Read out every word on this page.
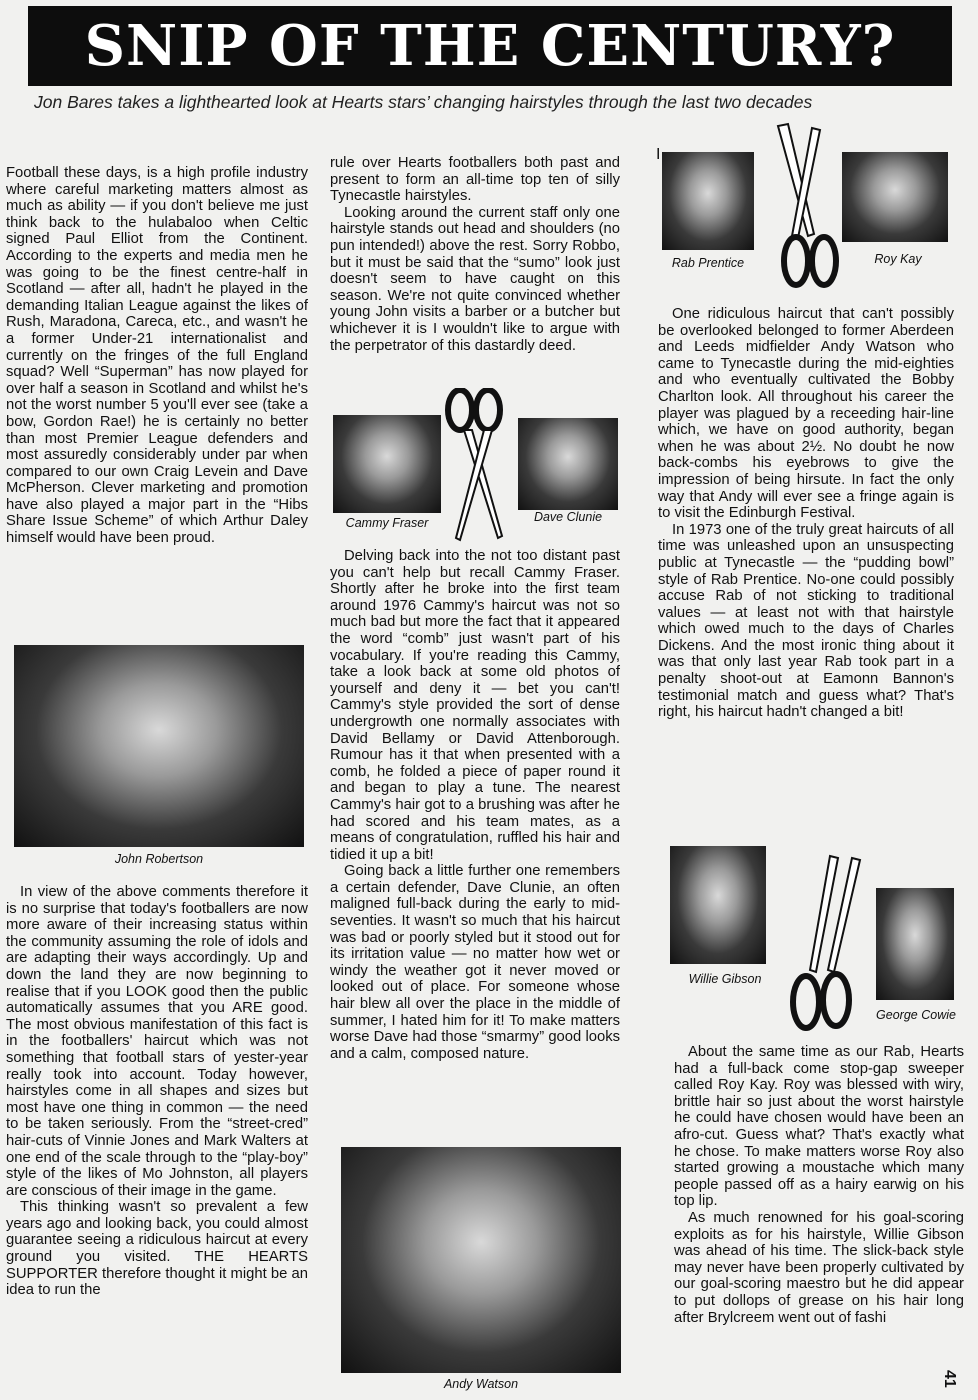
SNIP OF THE CENTURY?

Jon Bares takes a lighthearted look at Hearts stars’ changing hairstyles through the last two decades

Football these days, is a high profile industry where careful marketing matters almost as much as ability — if you don't believe me just think back to the hulabaloo when Celtic signed Paul Elliot from the Continent. According to the experts and media men he was going to be the finest centre-half in Scotland — after all, hadn't he played in the demanding Italian League against the likes of Rush, Maradona, Careca, etc., and wasn't he a former Under-21 internationalist and currently on the fringes of the full England squad? Well “Superman” has now played for over half a season in Scotland and whilst he's not the worst number 5 you'll ever see (take a bow, Gordon Rae!) he is certainly no better than most Premier League defenders and most assuredly considerably under par when compared to our own Craig Levein and Dave McPherson. Clever marketing and promotion have also played a major part in the “Hibs Share Issue Scheme” of which Arthur Daley himself would have been proud.

John Robertson

In view of the above comments therefore it is no surprise that today's footballers are now more aware of their increasing status within the community assuming the role of idols and are adapting their ways accordingly. Up and down the land they are now beginning to realise that if you LOOK good then the public automatically assumes that you ARE good. The most obvious manifestation of this fact is in the footballers' haircut which was not something that football stars of yester-year really took into account. Today however, hairstyles come in all shapes and sizes but most have one thing in common — the need to be taken seriously. From the “street-cred” hair-cuts of Vinnie Jones and Mark Walters at one end of the scale through to the “play-boy” style of the likes of Mo Johnston, all players are conscious of their image in the game.

This thinking wasn't so prevalent a few years ago and looking back, you could almost guarantee seeing a ridiculous haircut at every ground you visited. THE HEARTS SUPPORTER therefore thought it might be an idea to run the

rule over Hearts footballers both past and present to form an all-time top ten of silly Tynecastle hairstyles.

Looking around the current staff only one hairstyle stands out head and shoulders (no pun intended!) above the rest. Sorry Robbo, but it must be said that the “sumo” look just doesn't seem to have caught on this season. We're not quite convinced whether young John visits a barber or a butcher but whichever it is I wouldn't like to argue with the perpetrator of this dastardly deed.

Cammy Fraser	Dave Clunie

Delving back into the not too distant past you can't help but recall Cammy Fraser. Shortly after he broke into the first team around 1976 Cammy's haircut was not so much bad but more the fact that it appeared the word “comb” just wasn't part of his vocabulary. If you're reading this Cammy, take a look back at some old photos of yourself and deny it — bet you can't! Cammy's style provided the sort of dense undergrowth one normally associates with David Bellamy or David Attenborough. Rumour has it that when presented with a comb, he folded a piece of paper round it and began to play a tune. The nearest Cammy's hair got to a brushing was after he had scored and his team mates, as a means of congratulation, ruffled his hair and tidied it up a bit!

Going back a little further one remembers a certain defender, Dave Clunie, an often maligned full-back during the early to mid-seventies. It wasn't so much that his haircut was bad or poorly styled but it stood out for its irritation value — no matter how wet or windy the weather got it never moved or looked out of place. For someone whose hair blew all over the place in the middle of summer, I hated him for it! To make matters worse Dave had those “smarmy” good looks and a calm, composed nature.

Andy Watson
I
Rab Prentice	Roy Kay

One ridiculous haircut that can't possibly be overlooked belonged to former Aberdeen and Leeds midfielder Andy Watson who came to Tynecastle during the mid-eighties and who eventually cultivated the Bobby Charlton look. All throughout his career the player was plagued by a receeding hair-line which, we have on good authority, began when he was about 2½. No doubt he now back-combs his eyebrows to give the impression of being hirsute. In fact the only way that Andy will ever see a fringe again is to visit the Edinburgh Festival.

In 1973 one of the truly great haircuts of all time was unleashed upon an unsuspecting public at Tynecastle — the “pudding bowl” style of Rab Prentice. No-one could possibly accuse Rab of not sticking to traditional values — at least not with that hairstyle which owed much to the days of Charles Dickens. And the most ironic thing about it was that only last year Rab took part in a penalty shoot-out at Eamonn Bannon's testimonial match and guess what? That's right, his haircut hadn't changed a bit!

Willie Gibson
George Cowie

About the same time as our Rab, Hearts had a full-back come stop-gap sweeper called Roy Kay. Roy was blessed with wiry, brittle hair so just about the worst hairstyle he could have chosen would have been an afro-cut. Guess what? That's exactly what he chose. To make matters worse Roy also started growing a moustache which many people passed off as a hairy earwig on his top lip.

As much renowned for his goal-scoring exploits as for his hairstyle, Willie Gibson was ahead of his time. The slick-back style may never have been properly cultivated by our goal-scoring maestro but he did appear to put dollops of grease on his hair long after Brylcreem went out of fashi

41
